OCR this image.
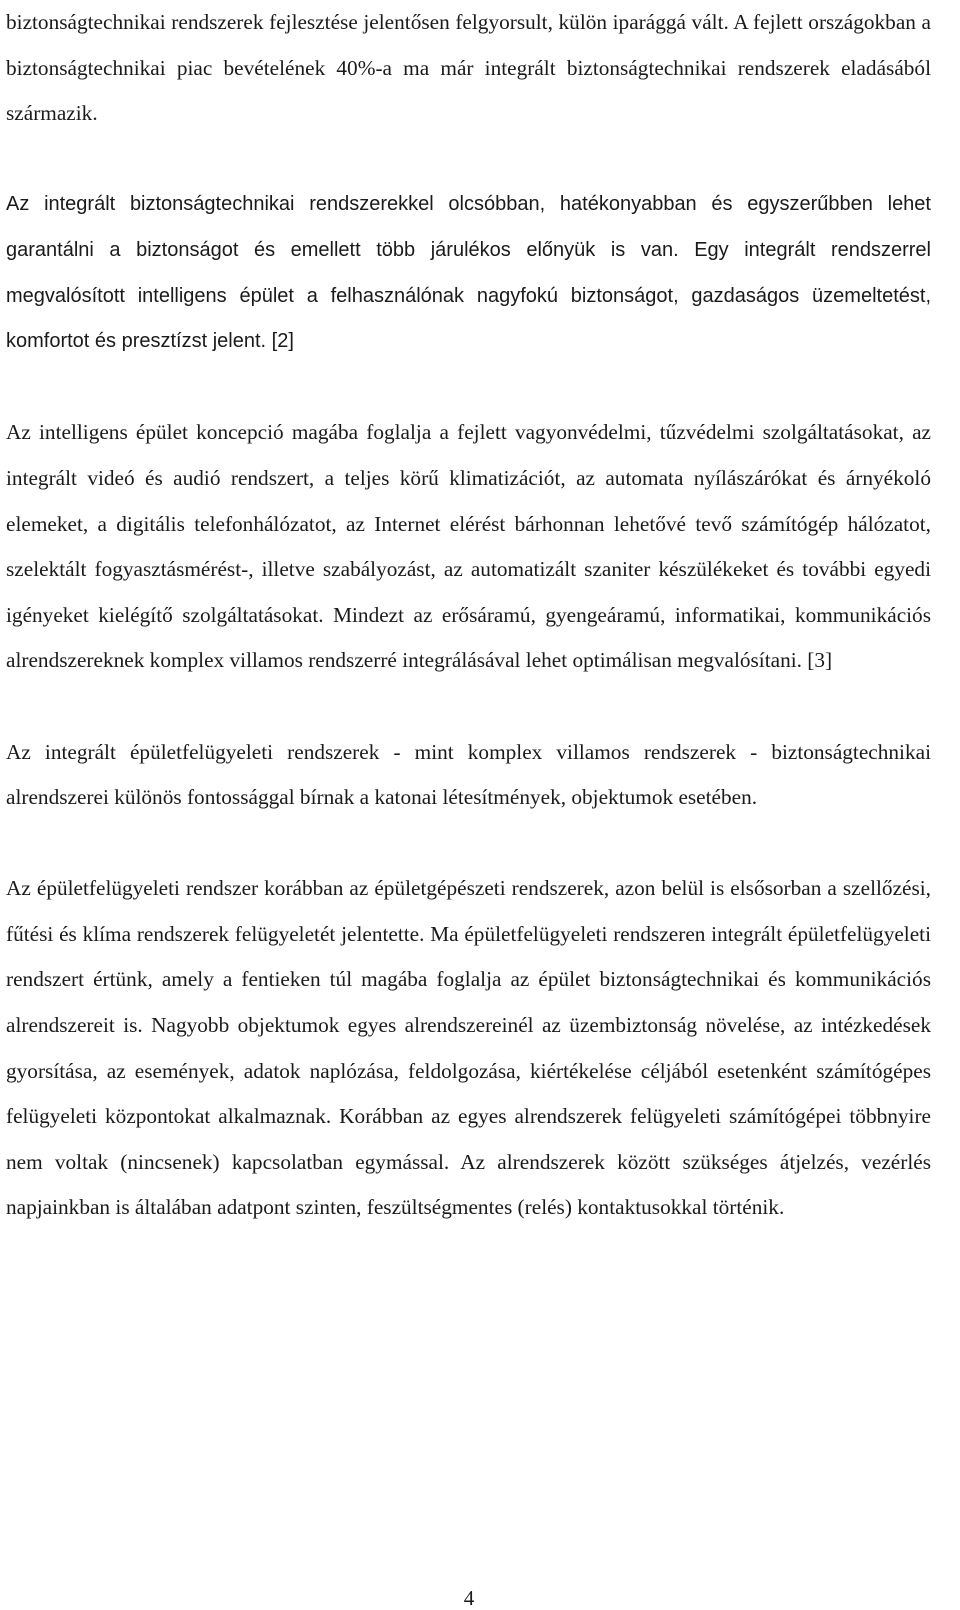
biztonságtechnikai rendszerek fejlesztése jelentősen felgyorsult, külön iparággá vált. A fejlett országokban a biztonságtechnikai piac bevételének 40%-a ma már integrált biztonságtechnikai rendszerek eladásából származik.

Az integrált biztonságtechnikai rendszerekkel olcsóbban, hatékonyabban és egyszerűbben lehet garantálni a biztonságot és emellett több járulékos előnyük is van. Egy integrált rendszerrel megvalósított intelligens épület a felhasználónak nagyfokú biztonságot, gazdaságos üzemeltetést, komfortot és presztízst jelent. [2]

Az intelligens épület koncepció magába foglalja a fejlett vagyonvédelmi, tűzvédelmi szolgáltatásokat, az integrált videó és audió rendszert, a teljes körű klimatizációt, az automata nyílászárókat és árnyékoló elemeket, a digitális telefonhálózatot, az Internet elérést bárhonnan lehetővé tevő számítógép hálózatot, szelektált fogyasztásmérést-, illetve szabályozást, az automatizált szaniter készülékeket és további egyedi igényeket kielégítő szolgáltatásokat. Mindezt az erősáramú, gyengeáramú, informatikai, kommunikációs alrendszereknek komplex villamos rendszerré integrálásával lehet optimálisan megvalósítani. [3]

Az integrált épületfelügyeleti rendszerek - mint komplex villamos rendszerek - biztonságtechnikai alrendszerei különös fontossággal bírnak a katonai létesítmények, objektumok esetében.

Az épületfelügyeleti rendszer korábban az épületgépészeti rendszerek, azon belül is elsősorban a szellőzési, fűtési és klíma rendszerek felügyeletét jelentette. Ma épületfelügyeleti rendszeren integrált épületfelügyeleti rendszert értünk, amely a fentieken túl magába foglalja az épület biztonságtechnikai és kommunikációs alrendszereit is. Nagyobb objektumok egyes alrendszereinél az üzembiztonság növelése, az intézkedések gyorsítása, az események, adatok naplózása, feldolgozása, kiértékelése céljából esetenként számítógépes felügyeleti központokat alkalmaznak. Korábban az egyes alrendszerek felügyeleti számítógépei többnyire nem voltak (nincsenek) kapcsolatban egymással. Az alrendszerek között szükséges átjelzés, vezérlés napjainkban is általában adatpont szinten, feszültségmentes (relés) kontaktusokkal történik.

4
